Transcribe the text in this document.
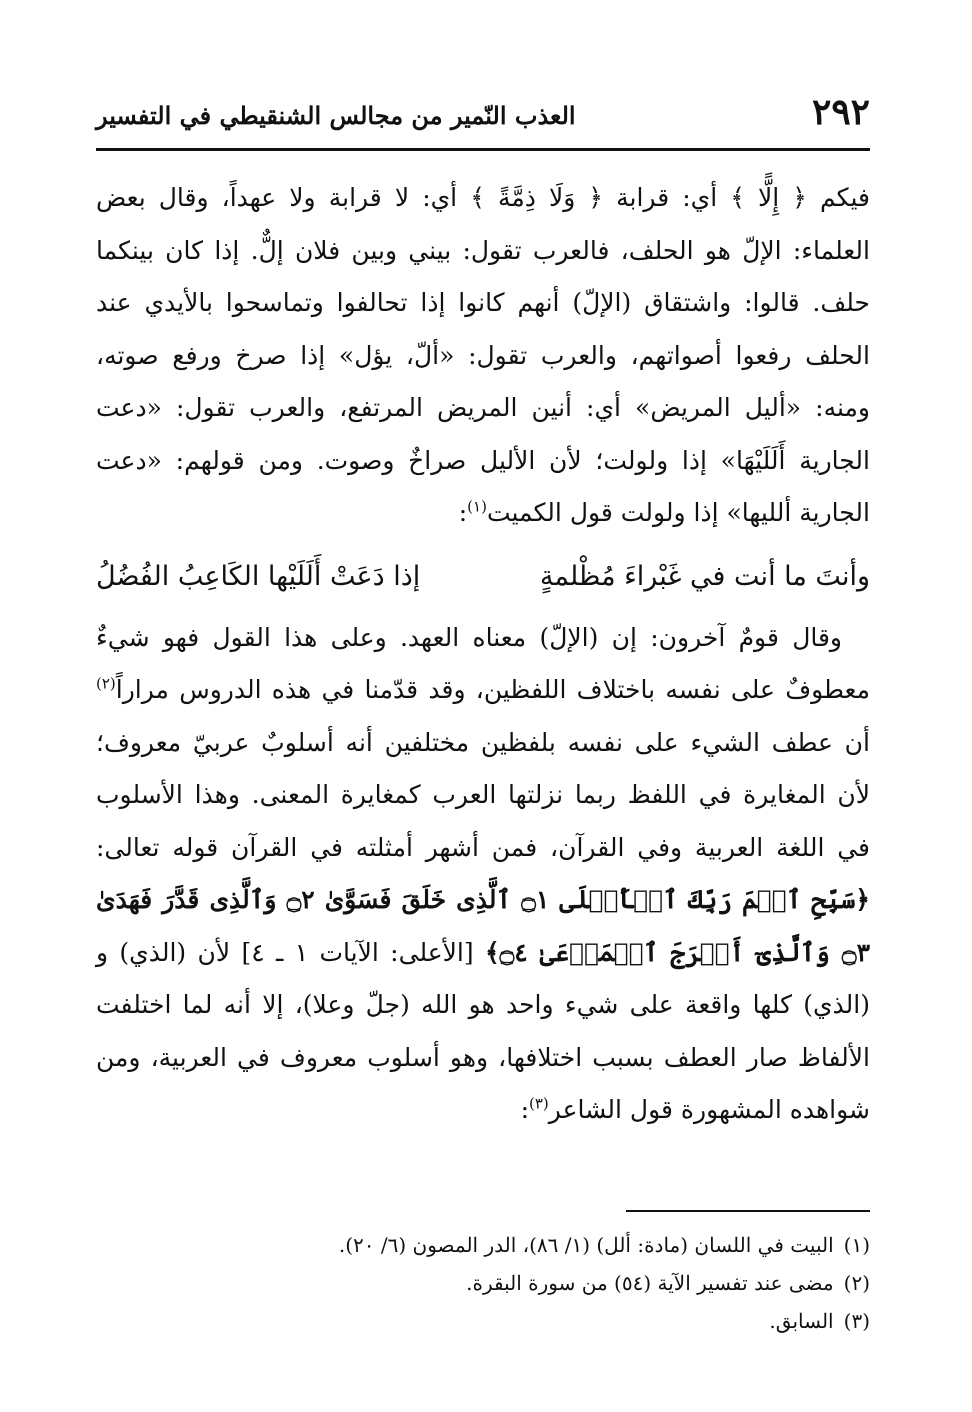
٢٩٢
العذب النّمير من مجالس الشنقيطي في التفسير

فيكم ﴿ إِلًّا ﴾ أي: قرابة ﴿ وَلَا ذِمَّةً ﴾ أي: لا قرابة ولا عهداً، وقال بعض العلماء: الإلّ هو الحلف، فالعرب تقول: بيني وبين فلان إلٌّ. إذا كان بينكما حلف. قالوا: واشتقاق (الإلّ) أنهم كانوا إذا تحالفوا وتماسحوا بالأيدي عند الحلف رفعوا أصواتهم، والعرب تقول: «ألّ، يؤل» إذا صرخ ورفع صوته، ومنه: «أليل المريض» أي: أنين المريض المرتفع، والعرب تقول: «دعت الجارية أَلَلَيْهَا» إذا ولولت؛ لأن الأليل صراخٌ وصوت. ومن قولهم: «دعت الجارية ألليها» إذا ولولت قول الكميت$^{(١)}$:

وأنتَ ما أنت في غَبْراءَ مُظْلمةٍ
إذا دَعَتْ أَلَلَيْها الكَاعِبُ الفُضُلُ

وقال قومٌ آخرون: إن (الإلّ) معناه العهد. وعلى هذا القول فهو شيءٌ معطوفٌ على نفسه باختلاف اللفظين، وقد قدّمنا في هذه الدروس مراراً$^{(٢)}$ أن عطف الشيء على نفسه بلفظين مختلفين أنه أسلوبٌ عربيّ معروف؛ لأن المغايرة في اللفظ ربما نزلتها العرب كمغايرة المعنى. وهذا الأسلوب في اللغة العربية وفي القرآن، فمن أشهر أمثلته في القرآن قوله تعالى: ﴿سَبِّحِ ٱسۡمَ رَبِّكَ ٱلۡأَعۡلَى ۝١ ٱلَّذِى خَلَقَ فَسَوَّىٰ ۝٢ وَٱلَّذِى قَدَّرَ فَهَدَىٰ ۝٣ وَٱلَّذِىٓ أَخۡرَجَ ٱلۡمَرۡعَىٰ ۝٤﴾ [الأعلى: الآيات ١ ـ ٤] لأن (الذي) و (الذي) كلها واقعة على شيء واحد هو الله (جلّ وعلا)، إلا أنه لما اختلفت الألفاظ صار العطف بسبب اختلافها، وهو أسلوب معروف في العربية، ومن شواهده المشهورة قول الشاعر$^{(٣)}$:

(١)البيت في اللسان (مادة: ألل) (١/ ٨٦)، الدر المصون (٦/ ٢٠).
(٢)مضى عند تفسير الآية (٥٤) من سورة البقرة.
(٣)السابق.
